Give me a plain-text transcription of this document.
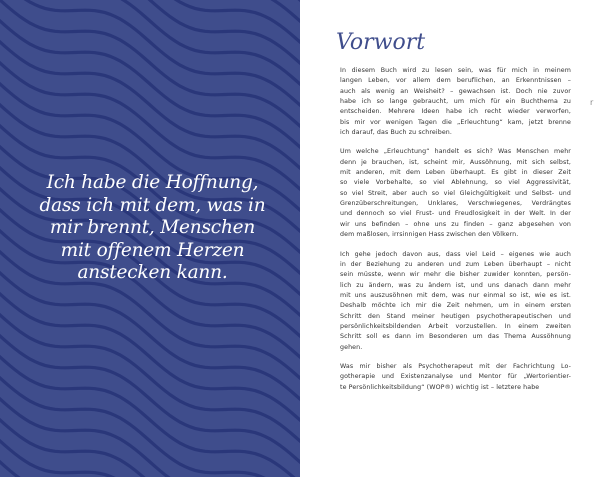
Ich habe die Hoffnung,
dass ich mit dem, was in
mir brennt, Menschen
mit offenem Herzen
anstecken kann.
Vorwort
r
In diesem Buch wird zu lesen sein, was für mich in meinem
langen Leben, vor allem dem beruflichen, an Erkenntnissen –
auch als wenig an Weisheit? – gewachsen ist. Doch nie zuvor
habe ich so lange gebraucht, um mich für ein Buchthema zu
entscheiden. Mehrere Ideen habe ich recht wieder verworfen,
bis mir vor wenigen Tagen die „Erleuchtung“ kam, jetzt brenne
ich darauf, das Buch zu schreiben.
Um welche „Erleuchtung“ handelt es sich? Was Menschen mehr
denn je brauchen, ist, scheint mir, Aussöhnung, mit sich selbst,
mit anderen, mit dem Leben überhaupt. Es gibt in dieser Zeit
so viele Vorbehalte, so viel Ablehnung, so viel Aggressivität,
so viel Streit, aber auch so viel Gleichgültigkeit und Selbst- und
Grenzüberschreitungen, Unklares, Verschwiegenes, Verdrängtes
und dennoch so viel Frust- und Freudlosigkeit in der Welt. In der
wir uns befinden – ohne uns zu finden – ganz abgesehen von
dem maßlosen, irrsinnigen Hass zwischen den Völkern.
Ich gehe jedoch davon aus, dass viel Leid – eigenes wie auch
in der Beziehung zu anderen und zum Leben überhaupt – nicht
sein müsste, wenn wir mehr die bisher zuwider konnten, persön-
lich zu ändern, was zu ändern ist, und uns danach dann mehr
mit uns auszusöhnen mit dem, was nur einmal so ist, wie es ist.
Deshalb möchte ich mir die Zeit nehmen, um in einem ersten
Schritt den Stand meiner heutigen psychotherapeutischen und
persönlichkeitsbildenden Arbeit vorzustellen. In einem zweiten
Schritt soll es dann im Besonderen um das Thema Aussöhnung
gehen.
Was mir bisher als Psychotherapeut mit der Fachrichtung Lo-
gotherapie und Existenzanalyse und Mentor für „Wertorientier-
te Persönlichkeitsbildung“ (WOP®) wichtig ist – letztere habe
